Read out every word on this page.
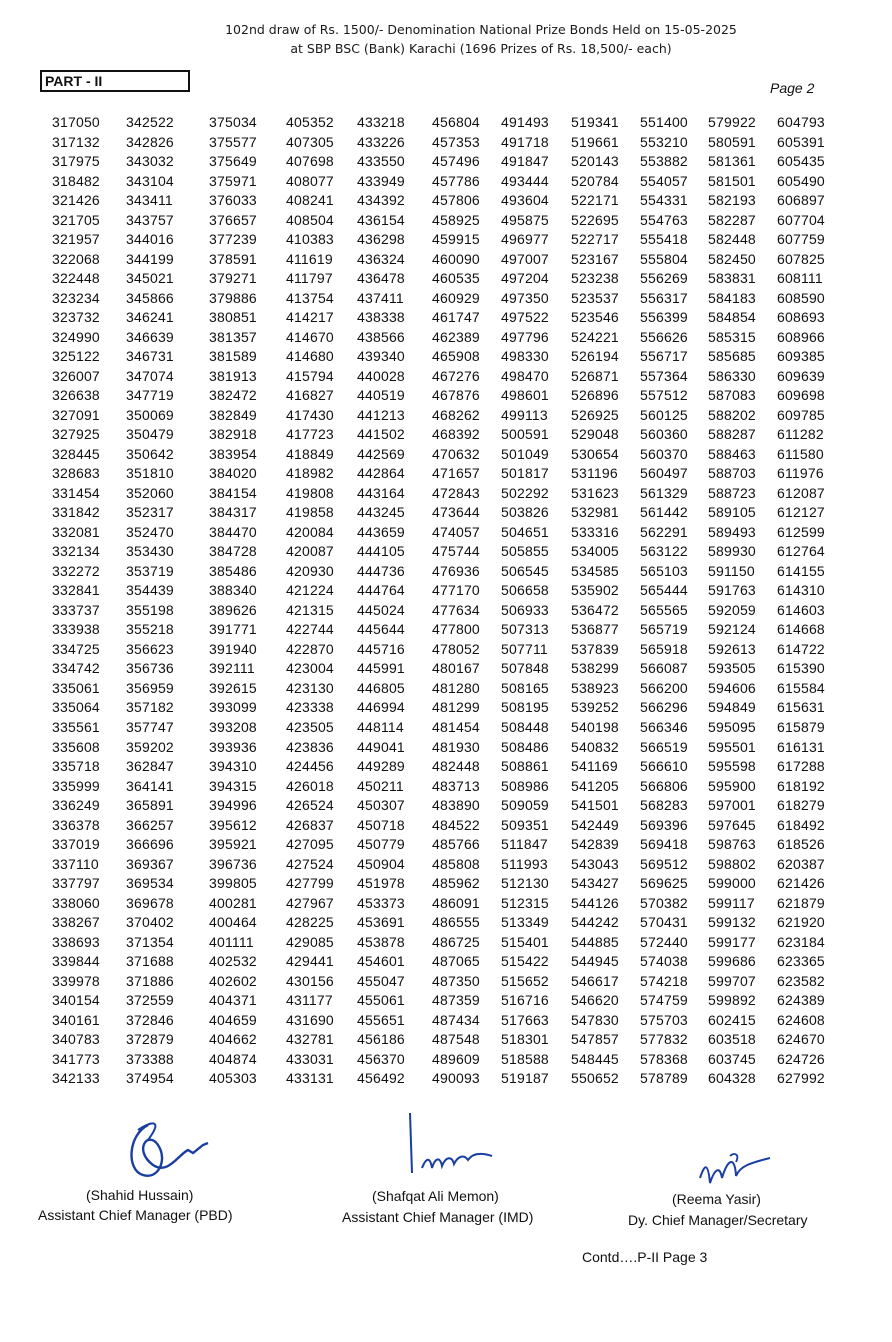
102nd draw of Rs. 1500/- Denomination National Prize Bonds Held on 15-05-2025
at SBP BSC (Bank) Karachi (1696 Prizes of Rs. 18,500/- each)
PART - II	Page 2
317050
317132
317975
318482
321426
321705
321957
322068
322448
323234
323732
324990
325122
326007
326638
327091
327925
328445
328683
331454
331842
332081
332134
332272
332841
333737
333938
334725
334742
335061
335064
335561
335608
335718
335999
336249
336378
337019
337110
337797
338060
338267
338693
339844
339978
340154
340161
340783
341773
342133
342522
342826
343032
343104
343411
343757
344016
344199
345021
345866
346241
346639
346731
347074
347719
350069
350479
350642
351810
352060
352317
352470
353430
353719
354439
355198
355218
356623
356736
356959
357182
357747
359202
362847
364141
365891
366257
366696
369367
369534
369678
370402
371354
371688
371886
372559
372846
372879
373388
374954
375034
375577
375649
375971
376033
376657
377239
378591
379271
379886
380851
381357
381589
381913
382472
382849
382918
383954
384020
384154
384317
384470
384728
385486
388340
389626
391771
391940
392111
392615
393099
393208
393936
394310
394315
394996
395612
395921
396736
399805
400281
400464
401111
402532
402602
404371
404659
404662
404874
405303
405352
407305
407698
408077
408241
408504
410383
411619
411797
413754
414217
414670
414680
415794
416827
417430
417723
418849
418982
419808
419858
420084
420087
420930
421224
421315
422744
422870
423004
423130
423338
423505
423836
424456
426018
426524
426837
427095
427524
427799
427967
428225
429085
429441
430156
431177
431690
432781
433031
433131
433218
433226
433550
433949
434392
436154
436298
436324
436478
437411
438338
438566
439340
440028
440519
441213
441502
442569
442864
443164
443245
443659
444105
444736
444764
445024
445644
445716
445991
446805
446994
448114
449041
449289
450211
450307
450718
450779
450904
451978
453373
453691
453878
454601
455047
455061
455651
456186
456370
456492
456804
457353
457496
457786
457806
458925
459915
460090
460535
460929
461747
462389
465908
467276
467876
468262
468392
470632
471657
472843
473644
474057
475744
476936
477170
477634
477800
478052
480167
481280
481299
481454
481930
482448
483713
483890
484522
485766
485808
485962
486091
486555
486725
487065
487350
487359
487434
487548
489609
490093
491493
491718
491847
493444
493604
495875
496977
497007
497204
497350
497522
497796
498330
498470
498601
499113
500591
501049
501817
502292
503826
504651
505855
506545
506658
506933
507313
507711
507848
508165
508195
508448
508486
508861
508986
509059
509351
511847
511993
512130
512315
513349
515401
515422
515652
516716
517663
518301
518588
519187
519341
519661
520143
520784
522171
522695
522717
523167
523238
523537
523546
524221
526194
526871
526896
526925
529048
530654
531196
531623
532981
533316
534005
534585
535902
536472
536877
537839
538299
538923
539252
540198
540832
541169
541205
541501
542449
542839
543043
543427
544126
544242
544885
544945
546617
546620
547830
547857
548445
550652
551400
553210
553882
554057
554331
554763
555418
555804
556269
556317
556399
556626
556717
557364
557512
560125
560360
560370
560497
561329
561442
562291
563122
565103
565444
565565
565719
565918
566087
566200
566296
566346
566519
566610
566806
568283
569396
569418
569512
569625
570382
570431
572440
574038
574218
574759
575703
577832
578368
578789
579922
580591
581361
581501
582193
582287
582448
582450
583831
584183
584854
585315
585685
586330
587083
588202
588287
588463
588703
588723
589105
589493
589930
591150
591763
592059
592124
592613
593505
594606
594849
595095
595501
595598
595900
597001
597645
598763
598802
599000
599117
599132
599177
599686
599707
599892
602415
603518
603745
604328
604793
605391
605435
605490
606897
607704
607759
607825
608111
608590
608693
608966
609385
609639
609698
609785
611282
611580
611976
612087
612127
612599
612764
614155
614310
614603
614668
614722
615390
615584
615631
615879
616131
617288
618192
618279
618492
618526
620387
621426
621879
621920
623184
623365
623582
624389
624608
624670
624726
627992
(Shahid Hussain)
Assistant Chief Manager (PBD)
(Shafqat Ali Memon)
Assistant Chief Manager (IMD)
(Reema Yasir)
Dy. Chief Manager/Secretary
Contd….P-II Page 3
